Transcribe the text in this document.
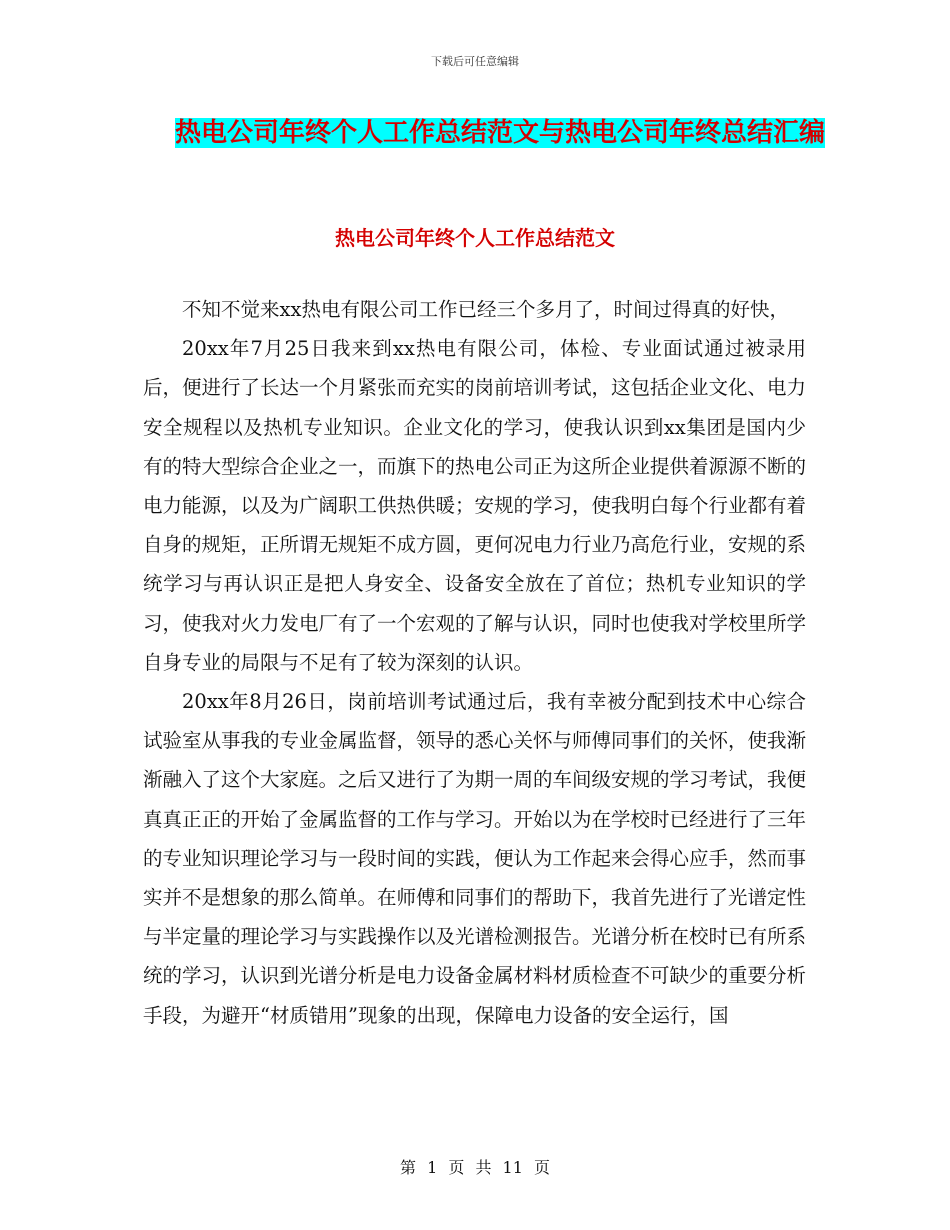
下载后可任意编辑
热电公司年终个人工作总结范文与热电公司年终总结汇编
热电公司年终个人工作总结范文

不知不觉来xx热电有限公司工作已经三个多月了，时间过得真的好快，

20xx年7月25日我来到xx热电有限公司，体检、专业面试通过被录用后，便进行了长达一个月紧张而充实的岗前培训考试，这包括企业文化、电力安全规程以及热机专业知识。企业文化的学习，使我认识到xx集团是国内少有的特大型综合企业之一，而旗下的热电公司正为这所企业提供着源源不断的电力能源，以及为广阔职工供热供暖；安规的学习，使我明白每个行业都有着自身的规矩，正所谓无规矩不成方圆，更何况电力行业乃高危行业，安规的系统学习与再认识正是把人身安全、设备安全放在了首位；热机专业知识的学习，使我对火力发电厂有了一个宏观的了解与认识，同时也使我对学校里所学自身专业的局限与不足有了较为深刻的认识。

20xx年8月26日，岗前培训考试通过后，我有幸被分配到技术中心综合试验室从事我的专业金属监督，领导的悉心关怀与师傅同事们的关怀，使我渐渐融入了这个大家庭。之后又进行了为期一周的车间级安规的学习考试，我便真真正正的开始了金属监督的工作与学习。开始以为在学校时已经进行了三年的专业知识理论学习与一段时间的实践，便认为工作起来会得心应手，然而事实并不是想象的那么简单。在师傅和同事们的帮助下，我首先进行了光谱定性与半定量的理论学习与实践操作以及光谱检测报告。光谱分析在校时已有所系统的学习，认识到光谱分析是电力设备金属材料材质检查不可缺少的重要分析手段，为避开“材质错用”现象的出现，保障电力设备的安全运行，国

第 1 页 共 11 页
